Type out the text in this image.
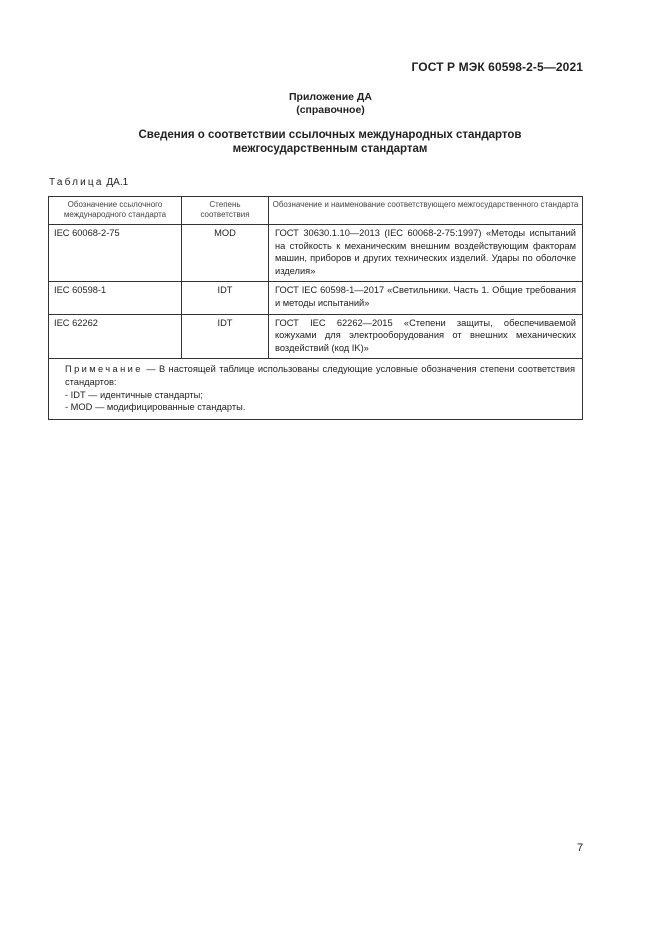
ГОСТ Р МЭК 60598-2-5—2021
Приложение ДА
(справочное)
Сведения о соответствии ссылочных международных стандартов
межгосударственным стандартам
Таблица ДА.1
Обозначение ссылочного международного стандарта	Степень соответствия	Обозначение и наименование соответствующего межгосударственного стандарта
IEC 60068-2-75	MOD	ГОСТ 30630.1.10—2013 (IEC 60068-2-75:1997) «Методы испытаний на стойкость к механическим внешним воздействующим факторам машин, приборов и других технических изделий. Удары по оболочке изделия»
IEC 60598-1	IDT	ГОСТ IEC 60598-1—2017 «Светильники. Часть 1. Общие требования и методы испытаний»
IEC 62262	IDT	ГОСТ IEC 62262—2015 «Степени защиты, обеспечиваемой кожухами для электрооборудования от внешних механических воздействий (код IK)»

Примечание — В настоящей таблице использованы следующие условные обозначения степени соответствия стандартов:
- IDT — идентичные стандарты;
- MOD — модифицированные стандарты.		
7
